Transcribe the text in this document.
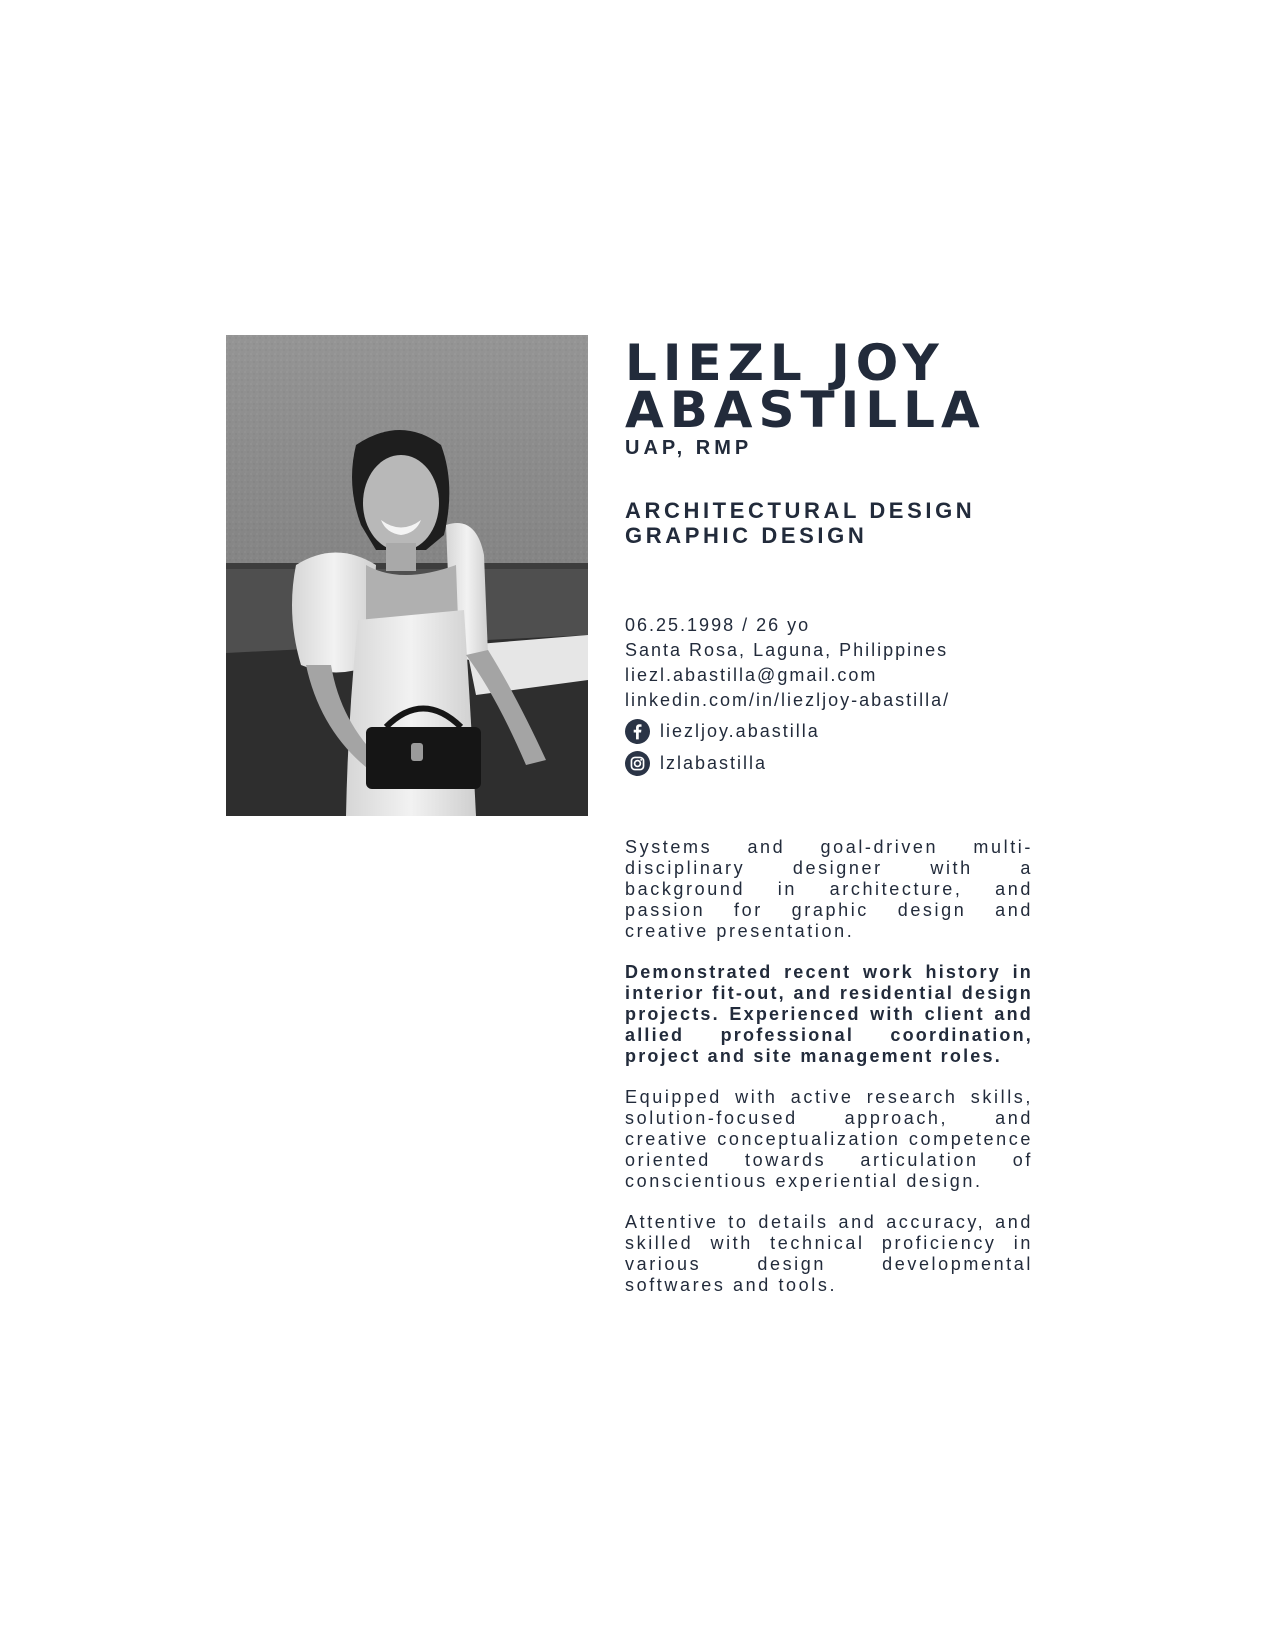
LIEZL JOY
ABASTILLA
UAP, RMP
ARCHITECTURAL DESIGN
GRAPHIC DESIGN
06.25.1998 / 26 yo
Santa Rosa, Laguna, Philippines
liezl.abastilla@gmail.com
linkedin.com/in/liezljoy-abastilla/
liezljoy.abastilla
lzlabastilla

Systems and goal-driven multi-disciplinary designer with a background in architecture, and passion for graphic design and creative presentation.

Demonstrated recent work history in interior fit-out, and residential design projects. Experienced with client and allied professional coordination, project and site management roles.

Equipped with active research skills, solution-focused approach, and creative conceptualization competence oriented towards articulation of conscientious experiential design.

Attentive to details and accuracy, and skilled with technical proficiency in various design developmental softwares and tools.
